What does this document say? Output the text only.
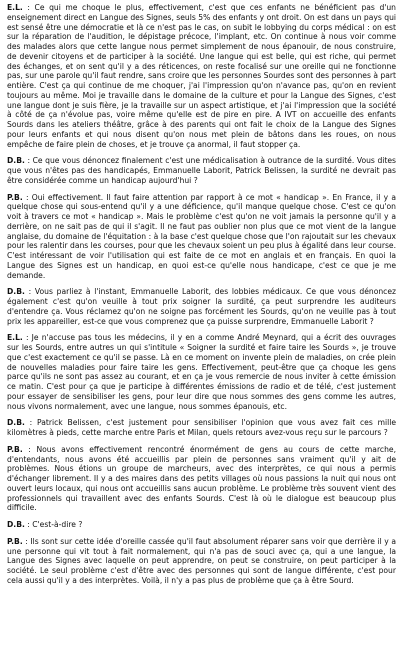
E.L. : Ce qui me choque le plus, effectivement, c'est que ces enfants ne bénéficient pas d'un enseignement direct en Langue des Signes, seuls 5% des enfants y ont droit. On est dans un pays qui est sensé être une démocratie et là ce n'est pas le cas, on subit le lobbying du corps médical : on est sur la réparation de l'audition, le dépistage précoce, l'implant, etc. On continue à nous voir comme des malades alors que cette langue nous permet simplement de nous épanouir, de nous construire, de devenir citoyens et de participer à la société. Une langue qui est belle, qui est riche, qui permet des échanges, et on sent qu'il y a des réticences, on reste focalisé sur une oreille qui ne fonctionne pas, sur une parole qu'il faut rendre, sans croire que les personnes Sourdes sont des personnes à part entière. C'est ça qui continue de me choquer, j'ai l'impression qu'on n'avance pas, qu'on en revient toujours au même. Moi je travaille dans le domaine de la culture et pour la Langue des Signes, c'est une langue dont je suis fière, je la travaille sur un aspect artistique, et j'ai l'impression que la société à côté de ça n'évolue pas, voire même qu'elle est de pire en pire. A IVT on accueille des enfants Sourds dans les ateliers théâtre, grâce à des parents qui ont fait le choix de la Langue des Signes pour leurs enfants et qui nous disent qu'on nous met plein de bâtons dans les roues, on nous empêche de faire plein de choses, et je trouve ça anormal, il faut stopper ça.

D.B. : Ce que vous dénoncez finalement c'est une médicalisation à outrance de la surdité. Vous dites que vous n'êtes pas des handicapés, Emmanuelle Laborit, Patrick Belissen, la surdité ne devrait pas être considérée comme un handicap aujourd'hui ?

P.B. : Oui effectivement. Il faut faire attention par rapport à ce mot « handicap ». En France, il y a quelque chose qui sous-entend qu'il y a une déficience, qu'il manque quelque chose. C'est ce qu'on voit à travers ce mot « handicap ». Mais le problème c'est qu'on ne voit jamais la personne qu'il y a derrière, on ne sait pas de qui il s'agit. Il ne faut pas oublier non plus que ce mot vient de la langue anglaise, du domaine de l'équitation : à la base c'est quelque chose que l'on rajoutait sur les chevaux pour les ralentir dans les courses, pour que les chevaux soient un peu plus à égalité dans leur course. C'est intéressant de voir l'utilisation qui est faite de ce mot en anglais et en français. En quoi la Langue des Signes est un handicap, en quoi est-ce qu'elle nous handicape, c'est ce que je me demande.

D.B. : Vous parliez à l'instant, Emmanuelle Laborit, des lobbies médicaux. Ce que vous dénoncez également c'est qu'on veuille à tout prix soigner la surdité, ça peut surprendre les auditeurs d'entendre ça. Vous réclamez qu'on ne soigne pas forcément les Sourds, qu'on ne veuille pas à tout prix les appareiller, est-ce que vous comprenez que ça puisse surprendre, Emmanuelle Laborit ?

E.L. : Je n'accuse pas tous les médecins, il y en a comme André Meynard, qui a écrit des ouvrages sur les Sourds, entre autres un qui s'intitule « Soigner la surdité et faire taire les Sourds », je trouve que c'est exactement ce qu'il se passe. Là en ce moment on invente plein de maladies, on crée plein de nouvelles maladies pour faire taire les gens. Effectivement, peut-être que ça choque les gens parce qu'ils ne sont pas assez au courant, et en ça je vous remercie de nous inviter à cette émission ce matin. C'est pour ça que je participe à différentes émissions de radio et de télé, c'est justement pour essayer de sensibiliser les gens, pour leur dire que nous sommes des gens comme les autres, nous vivons normalement, avec une langue, nous sommes épanouis, etc.

D.B. : Patrick Belissen, c'est justement pour sensibiliser l'opinion que vous avez fait ces mille kilomètres à pieds, cette marche entre Paris et Milan, quels retours avez-vous reçu sur le parcours ?

P.B. : Nous avons effectivement rencontré énormément de gens au cours de cette marche, d'entendants, nous avons été accueillis par plein de personnes sans vraiment qu'il y ait de problèmes. Nous étions un groupe de marcheurs, avec des interprètes, ce qui nous a permis d'échanger librement. Il y a des maires dans des petits villages où nous passions la nuit qui nous ont ouvert leurs locaux, qui nous ont accueillis sans aucun problème. Le problème très souvent vient des professionnels qui travaillent avec des enfants Sourds. C'est là où le dialogue est beaucoup plus difficile.

D.B. : C'est-à-dire ?

P.B. : Ils sont sur cette idée d'oreille cassée qu'il faut absolument réparer sans voir que derrière il y a une personne qui vit tout à fait normalement, qui n'a pas de souci avec ça, qui a une langue, la Langue des Signes avec laquelle on peut apprendre, on peut se construire, on peut participer à la société. Le seul problème c'est d'être avec des personnes qui sont de langue différente, c'est pour cela aussi qu'il y a des interprètes. Voilà, il n'y a pas plus de problème que ça à être Sourd.
